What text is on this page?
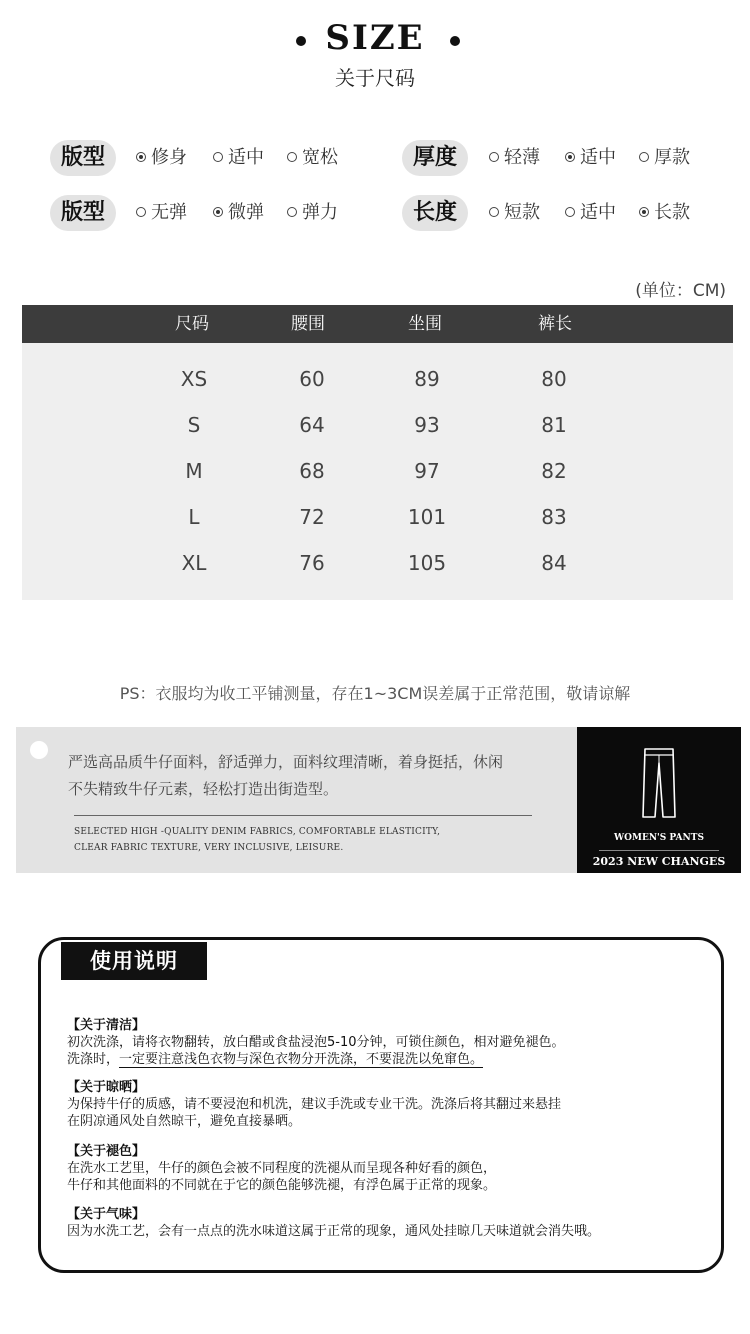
SIZE
关于尺码
版型	修身	适中	宽松	厚度	轻薄	适中	厚款
版型	无弹	微弹	弹力	长度	短款	适中	长款
(单位：CM)
尺码	腰围	坐围	裤长
XS	60	89	80
S	64	93	81
M	68	97	82
L	72	101	83
XL	76	105	84
PS：衣服均为收工平铺测量，存在1~3CM误差属于正常范围，敬请谅解
严选高品质牛仔面料，舒适弹力，面料纹理清晰，着身挺括，休闲
不失精致牛仔元素，轻松打造出街造型。
SELECTED HIGH -QUALITY DENIM FABRICS, COMFORTABLE ELASTICITY,
CLEAR FABRIC TEXTURE, VERY INCLUSIVE, LEISURE.
WOMEN'S PANTS
2023 NEW CHANGES
使用说明
【关于清洁】
初次洗涤，请将衣物翻转，放白醋或食盐浸泡5-10分钟，可锁住颜色，相对避免褪色。
洗涤时，一定要注意浅色衣物与深色衣物分开洗涤，不要混洗以免窜色。
【关于晾晒】
为保持牛仔的质感，请不要浸泡和机洗，建议手洗或专业干洗。洗涤后将其翻过来悬挂
在阴凉通风处自然晾干，避免直接暴晒。
【关于褪色】
在洗水工艺里，牛仔的颜色会被不同程度的洗褪从而呈现各种好看的颜色，
牛仔和其他面料的不同就在于它的颜色能够洗褪，有浮色属于正常的现象。
【关于气味】
因为水洗工艺，会有一点点的洗水味道这属于正常的现象，通风处挂晾几天味道就会消失哦。
